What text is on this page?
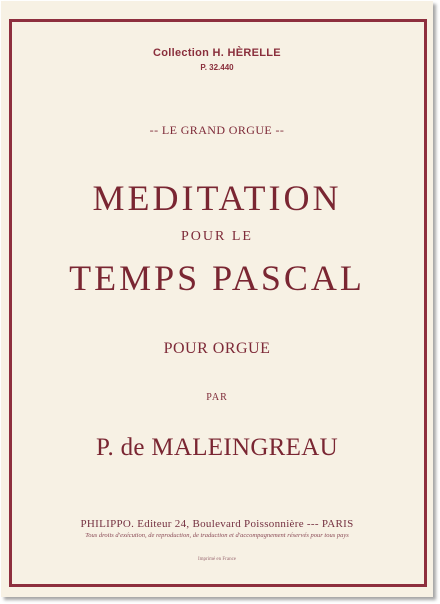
Collection H. HÈRELLE
P. 32.440
-- LE GRAND ORGUE --
MEDITATION
POUR LE
TEMPS PASCAL
POUR ORGUE
PAR
P. de MALEINGREAU
PHILIPPO. Editeur 24, Boulevard Poissonnière --- PARIS
Tous droits d'exécution, de reproduction, de traduction et d'accompagnement réservés pour tous pays
Imprimé en France
